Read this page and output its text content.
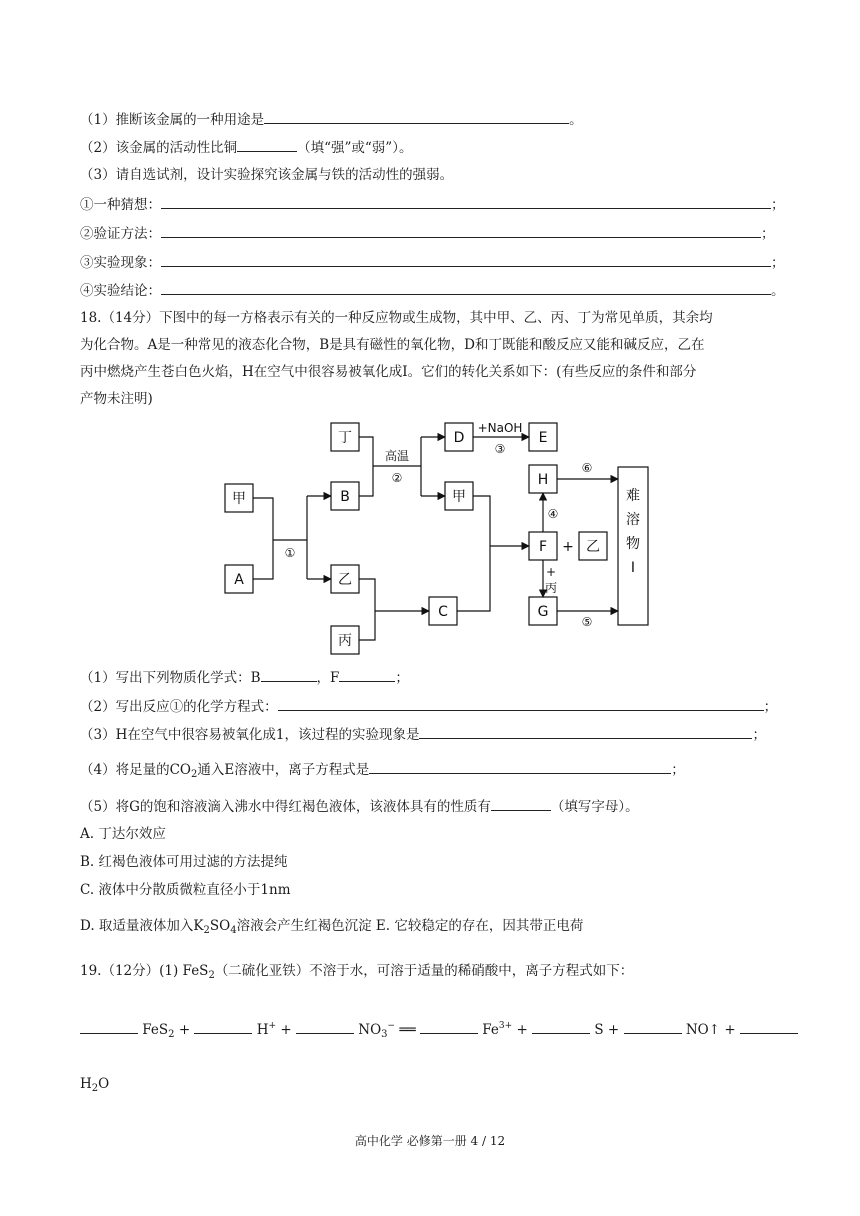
（1）推断该金属的一种用途是	。
（2）该金属的活动性比铜	（填“强”或“弱”）。
（3）请自选试剂，设计实验探究该金属与铁的活动性的强弱。
①一种猜想：	；
②验证方法：	；
③实验现象：	；
④实验结论：	。
18.（14分）下图中的每一方格表示有关的一种反应物或生成物，其中甲、乙、丙、丁为常见单质，其余均
为化合物。A是一种常见的液态化合物，B是具有磁性的氧化物，D和丁既能和酸反应又能和碱反应，乙在
丙中燃烧产生苍白色火焰，H在空气中很容易被氧化成I。它们的转化关系如下：(有些反应的条件和部分
产物未注明)
甲
A
B
乙
丙
C
丁	D	E
甲
H
F + 乙
G
难
溶
物
I
①
高温
②
+NaOH
③
④
+
丙
⑥
⑤
（1）写出下列物质化学式：B	，F	；
（2）写出反应①的化学方程式：	；
（3）H在空气中很容易被氧化成1，该过程的实验现象是	；
（4）将足量的$CO_2$通入E溶液中，离子方程式是	；
（5）将G的饱和溶液滴入沸水中得红褐色液体，该液体具有的性质有	（填写字母）。
A. 丁达尔效应
B. 红褐色液体可用过滤的方法提纯
C. 液体中分散质微粒直径小于1nm
D. 取适量液体加入$K_2SO_4$溶液会产生红褐色沉淀 E. 它较稳定的存在，因其带正电荷
19.（12分）(1) FeS$_2$（二硫化亚铁）不溶于水，可溶于适量的稀硝酸中，离子方程式如下：
FeS$_2$ +	H+ +	$NO_3^-$ ══	$Fe^{3+}$ +	S +	NO↑ +
$H_2O$
高中化学 必修第一册 4 / 12
